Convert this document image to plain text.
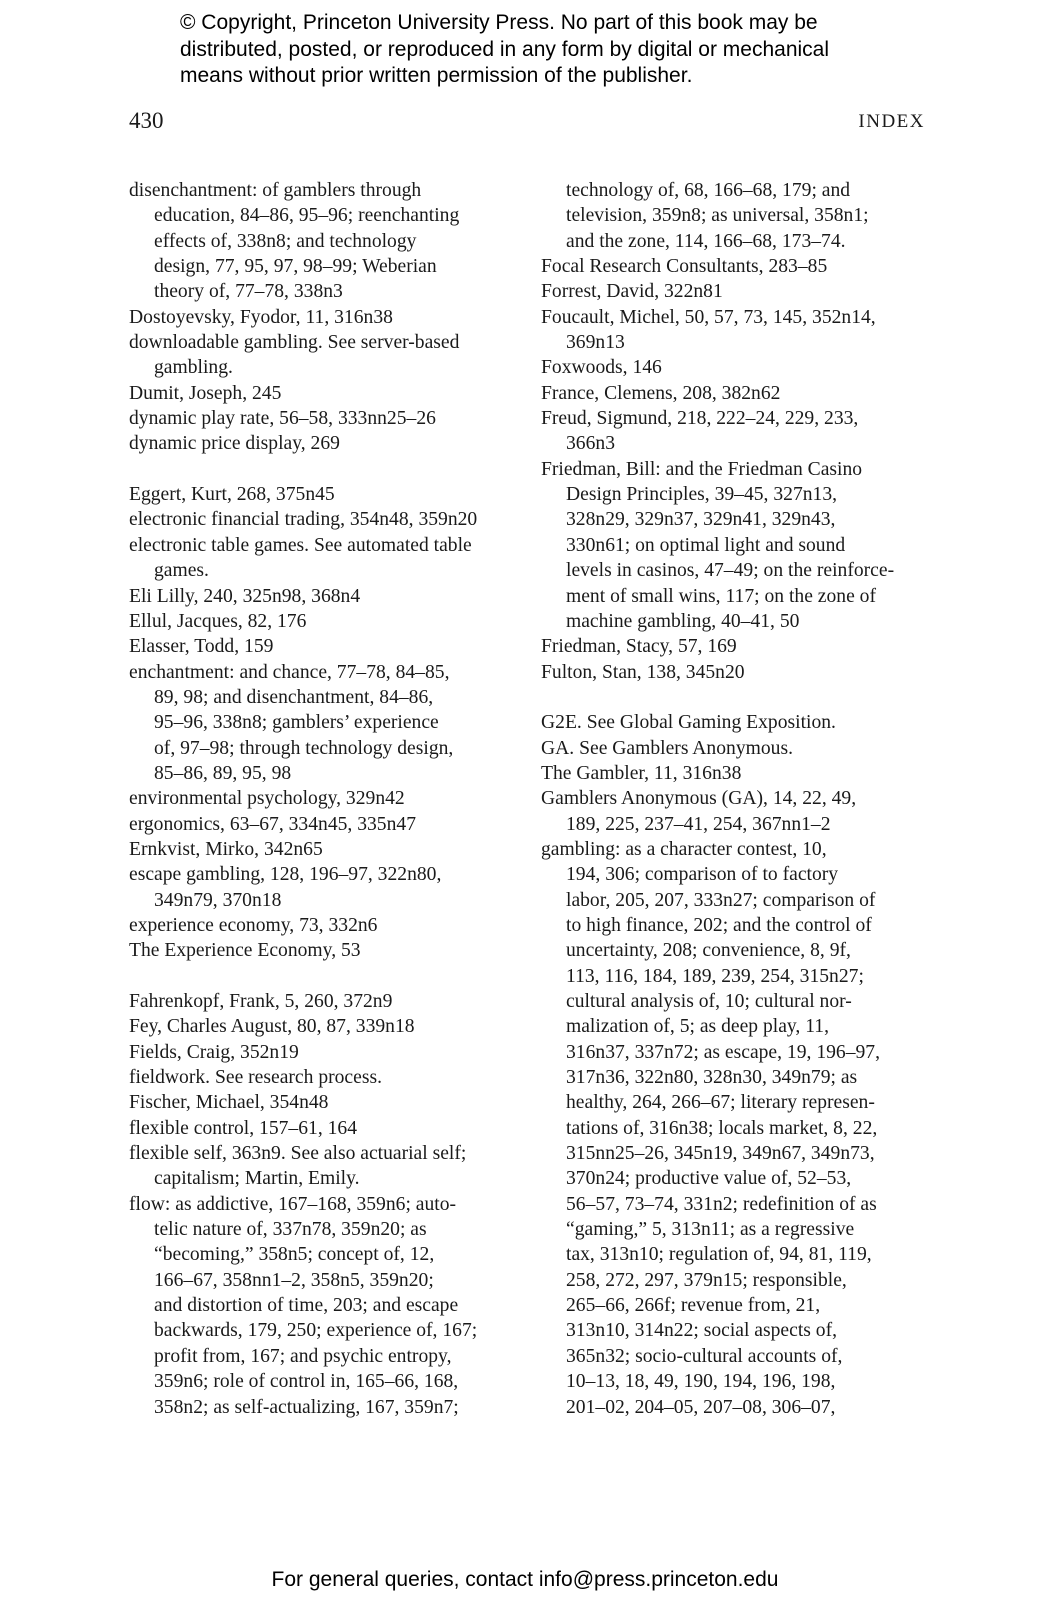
© Copyright, Princeton University Press. No part of this book may be
distributed, posted, or reproduced in any form by digital or mechanical
means without prior written permission of the publisher.
430	INDEX
disenchantment: of gamblers through
education, 84–86, 95–96; reenchanting
effects of, 338n8; and technology
design, 77, 95, 97, 98–99; Weberian
theory of, 77–78, 338n3
Dostoyevsky, Fyodor, 11, 316n38
downloadable gambling. See server-based
gambling.
Dumit, Joseph, 245
dynamic play rate, 56–58, 333nn25–26
dynamic price display, 269
Eggert, Kurt, 268, 375n45
electronic financial trading, 354n48, 359n20
electronic table games. See automated table
games.
Eli Lilly, 240, 325n98, 368n4
Ellul, Jacques, 82, 176
Elasser, Todd, 159
enchantment: and chance, 77–78, 84–85,
89, 98; and disenchantment, 84–86,
95–96, 338n8; gamblers’ experience
of, 97–98; through technology design,
85–86, 89, 95, 98
environmental psychology, 329n42
ergonomics, 63–67, 334n45, 335n47
Ernkvist, Mirko, 342n65
escape gambling, 128, 196–97, 322n80,
349n79, 370n18
experience economy, 73, 332n6
The Experience Economy, 53
Fahrenkopf, Frank, 5, 260, 372n9
Fey, Charles August, 80, 87, 339n18
Fields, Craig, 352n19
fieldwork. See research process.
Fischer, Michael, 354n48
flexible control, 157–61, 164
flexible self, 363n9. See also actuarial self;
capitalism; Martin, Emily.
flow: as addictive, 167–168, 359n6; auto-
telic nature of, 337n78, 359n20; as
“becoming,” 358n5; concept of, 12,
166–67, 358nn1–2, 358n5, 359n20;
and distortion of time, 203; and escape
backwards, 179, 250; experience of, 167;
profit from, 167; and psychic entropy,
359n6; role of control in, 165–66, 168,
358n2; as self-actualizing, 167, 359n7;
technology of, 68, 166–68, 179; and
television, 359n8; as universal, 358n1;
and the zone, 114, 166–68, 173–74.
Focal Research Consultants, 283–85
Forrest, David, 322n81
Foucault, Michel, 50, 57, 73, 145, 352n14,
369n13
Foxwoods, 146
France, Clemens, 208, 382n62
Freud, Sigmund, 218, 222–24, 229, 233,
366n3
Friedman, Bill: and the Friedman Casino
Design Principles, 39–45, 327n13,
328n29, 329n37, 329n41, 329n43,
330n61; on optimal light and sound
levels in casinos, 47–49; on the reinforce-
ment of small wins, 117; on the zone of
machine gambling, 40–41, 50
Friedman, Stacy, 57, 169
Fulton, Stan, 138, 345n20
G2E. See Global Gaming Exposition.
GA. See Gamblers Anonymous.
The Gambler, 11, 316n38
Gamblers Anonymous (GA), 14, 22, 49,
189, 225, 237–41, 254, 367nn1–2
gambling: as a character contest, 10,
194, 306; comparison of to factory
labor, 205, 207, 333n27; comparison of
to high finance, 202; and the control of
uncertainty, 208; convenience, 8, 9f,
113, 116, 184, 189, 239, 254, 315n27;
cultural analysis of, 10; cultural nor-
malization of, 5; as deep play, 11,
316n37, 337n72; as escape, 19, 196–97,
317n36, 322n80, 328n30, 349n79; as
healthy, 264, 266–67; literary represen-
tations of, 316n38; locals market, 8, 22,
315nn25–26, 345n19, 349n67, 349n73,
370n24; productive value of, 52–53,
56–57, 73–74, 331n2; redefinition of as
“gaming,” 5, 313n11; as a regressive
tax, 313n10; regulation of, 94, 81, 119,
258, 272, 297, 379n15; responsible,
265–66, 266f; revenue from, 21,
313n10, 314n22; social aspects of,
365n32; socio-cultural accounts of,
10–13, 18, 49, 190, 194, 196, 198,
201–02, 204–05, 207–08, 306–07,
For general queries, contact info@press.princeton.edu
